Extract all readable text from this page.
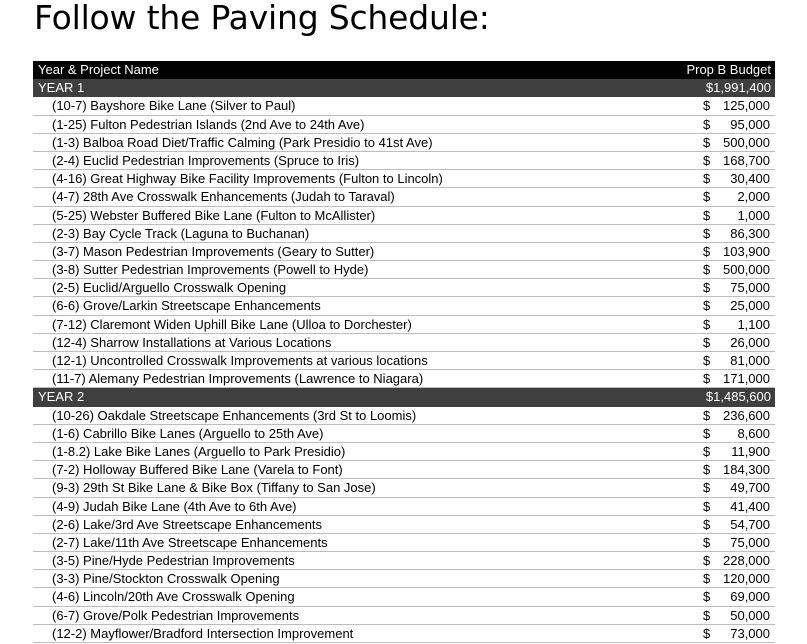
Follow the Paving Schedule:
Year & Project Name	Prop B Budget
YEAR 1	$1,991,400
(10-7) Bayshore Bike Lane (Silver to Paul)	$ 125,000
(1-25) Fulton Pedestrian Islands (2nd Ave to 24th Ave)	$ 95,000
(1-3) Balboa Road Diet/Traffic Calming (Park Presidio to 41st Ave)	$ 500,000
(2-4) Euclid Pedestrian Improvements (Spruce to Iris)	$ 168,700
(4-16) Great Highway Bike Facility Improvements (Fulton to Lincoln)	$ 30,400
(4-7) 28th Ave Crosswalk Enhancements (Judah to Taraval)	$ 2,000
(5-25) Webster Buffered Bike Lane (Fulton to McAllister)	$ 1,000
(2-3) Bay Cycle Track (Laguna to Buchanan)	$ 86,300
(3-7) Mason Pedestrian Improvements (Geary to Sutter)	$ 103,900
(3-8) Sutter Pedestrian Improvements (Powell to Hyde)	$ 500,000
(2-5) Euclid/Arguello Crosswalk Opening	$ 75,000
(6-6) Grove/Larkin Streetscape Enhancements	$ 25,000
(7-12) Claremont Widen Uphill Bike Lane (Ulloa to Dorchester)	$ 1,100
(12-4) Sharrow Installations at Various Locations	$ 26,000
(12-1) Uncontrolled Crosswalk Improvements at various locations	$ 81,000
(11-7) Alemany Pedestrian Improvements (Lawrence to Niagara)	$ 171,000
YEAR 2	$1,485,600
(10-26) Oakdale Streetscape Enhancements (3rd St to Loomis)	$ 236,600
(1-6) Cabrillo Bike Lanes (Arguello to 25th Ave)	$ 8,600
(1-8.2) Lake Bike Lanes (Arguello to Park Presidio)	$ 11,900
(7-2) Holloway Buffered Bike Lane (Varela to Font)	$ 184,300
(9-3) 29th St Bike Lane & Bike Box (Tiffany to San Jose)	$ 49,700
(4-9) Judah Bike Lane (4th Ave to 6th Ave)	$ 41,400
(2-6) Lake/3rd Ave Streetscape Enhancements	$ 54,700
(2-7) Lake/11th Ave Streetscape Enhancements	$ 75,000
(3-5) Pine/Hyde Pedestrian Improvements	$ 228,000
(3-3) Pine/Stockton Crosswalk Opening	$ 120,000
(4-6) Lincoln/20th Ave Crosswalk Opening	$ 69,000
(6-7) Grove/Polk Pedestrian Improvements	$ 50,000
(12-2) Mayflower/Bradford Intersection Improvement	$ 73,000
